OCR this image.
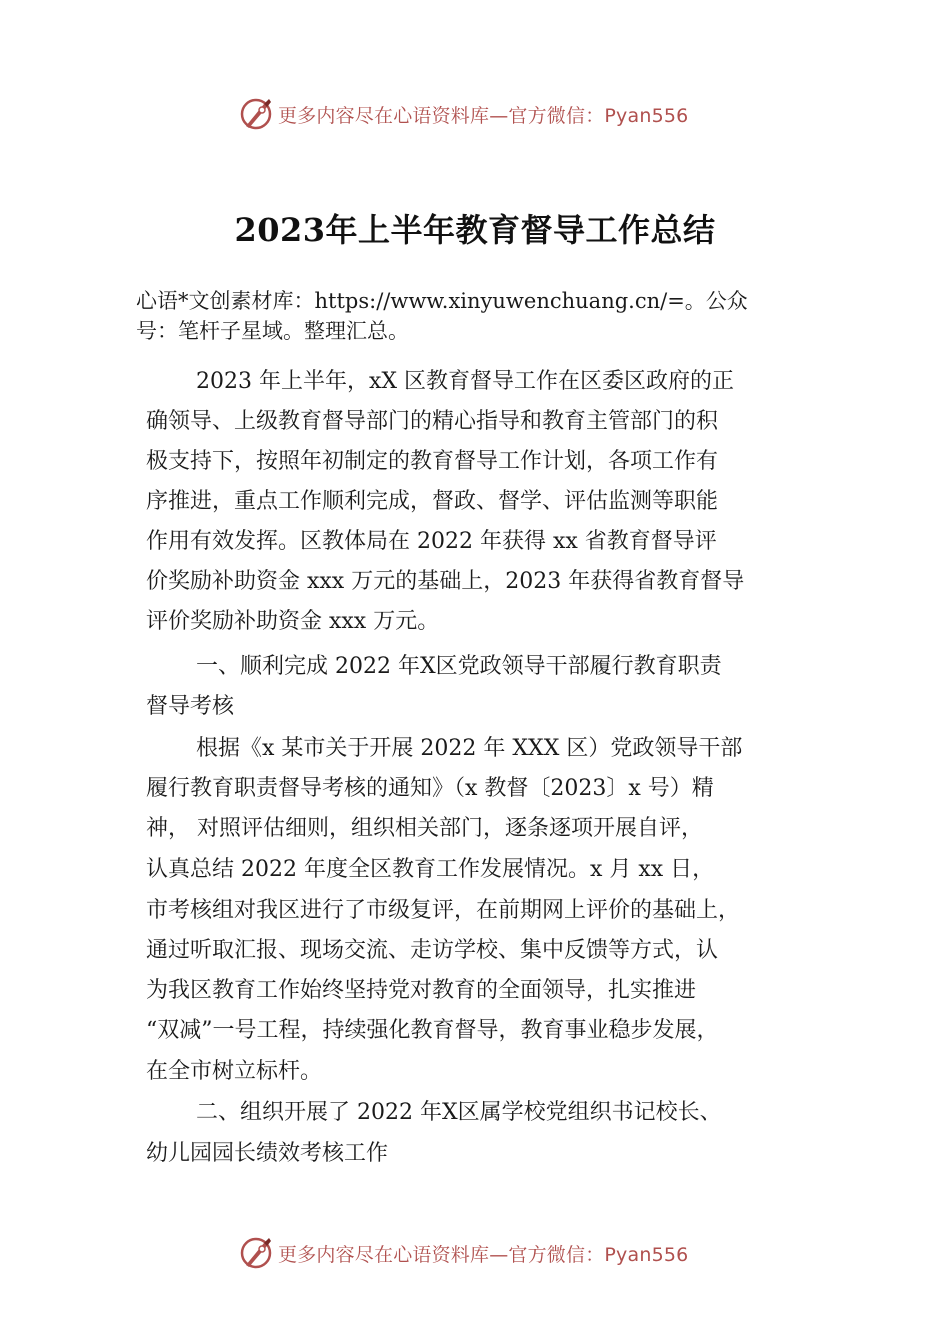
更多内容尽在心语资料库—官方微信：Pyan556
2023年上半年教育督导工作总结
心语*文创素材库：https://www.xinyuwenchuang.cn/=。公众
号：笔杆子星域。整理汇总。
2023 年上半年，xX 区教育督导工作在区委区政府的正
确领导、上级教育督导部门的精心指导和教育主管部门的积
极支持下，按照年初制定的教育督导工作计划，各项工作有
序推进，重点工作顺利完成，督政、督学、评估监测等职能
作用有效发挥。区教体局在 2022 年获得 xx 省教育督导评
价奖励补助资金 xxx 万元的基础上，2023 年获得省教育督导
评价奖励补助资金 xxx 万元。
一、顺利完成 2022 年X区党政领导干部履行教育职责
督导考核
根据《x 某市关于开展 2022 年 XXX 区）党政领导干部
履行教育职责督导考核的通知》（x 教督〔2023〕x 号）精
神， 对照评估细则，组织相关部门，逐条逐项开展自评，
认真总结 2022 年度全区教育工作发展情况。x 月 xx 日，
市考核组对我区进行了市级复评，在前期网上评价的基础上，
通过听取汇报、现场交流、走访学校、集中反馈等方式，认
为我区教育工作始终坚持党对教育的全面领导，扎实推进
“双减”一号工程，持续强化教育督导，教育事业稳步发展，
在全市树立标杆。
二、组织开展了 2022 年X区属学校党组织书记校长、
幼儿园园长绩效考核工作
更多内容尽在心语资料库—官方微信：Pyan556
